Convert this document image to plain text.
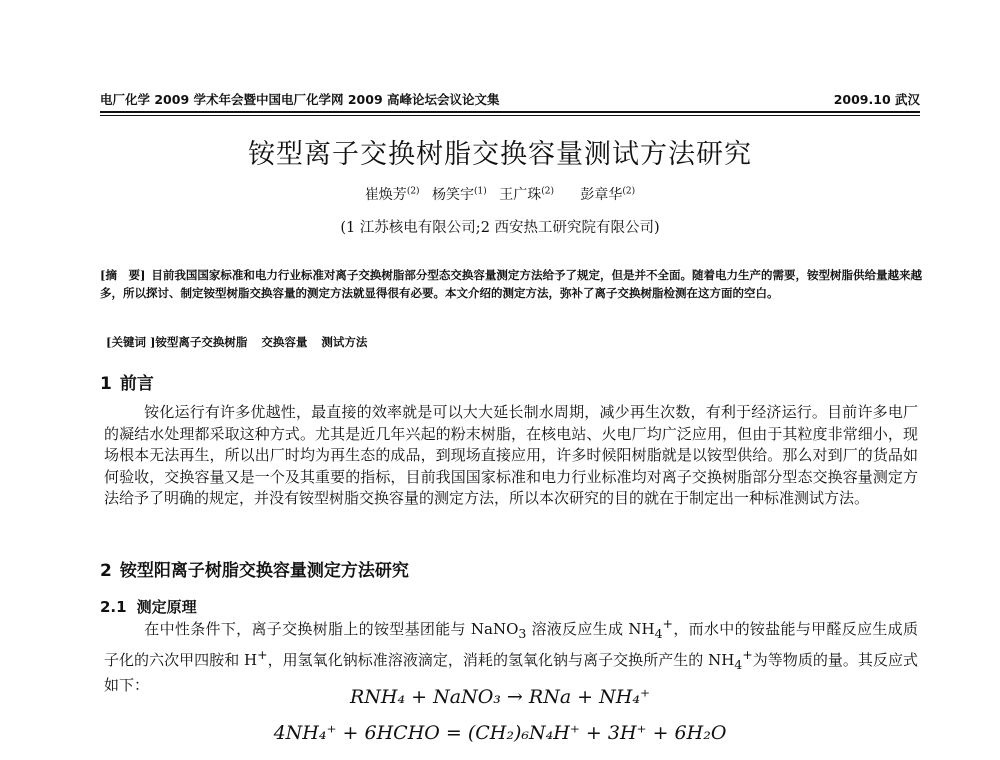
电厂化学 2009 学术年会暨中国电厂化学网 2009 高峰论坛会议论文集	2009.10 武汉
铵型离子交换树脂交换容量测试方法研究
崔焕芳$^{(2)}$ 杨笑宇$^{(1)}$ 王广珠$^{(2)}$ 彭章华$^{(2)}$
(1 江苏核电有限公司;2 西安热工研究院有限公司)
[摘　要] 目前我国国家标准和电力行业标准对离子交换树脂部分型态交换容量测定方法给予了规定，但是并不全面。随着电力生产的需要，铵型树脂供给量越来越多，所以探讨、制定铵型树脂交换容量的测定方法就显得很有必要。本文介绍的测定方法，弥补了离子交换树脂检测在这方面的空白。
[关键词 ]铵型离子交换树脂 交换容量 测试方法
1 前言
铵化运行有许多优越性，最直接的效率就是可以大大延长制水周期，减少再生次数，有利于经济运行。目前许多电厂的凝结水处理都采取这种方式。尤其是近几年兴起的粉末树脂，在核电站、火电厂均广泛应用，但由于其粒度非常细小，现场根本无法再生，所以出厂时均为再生态的成品，到现场直接应用，许多时候阳树脂就是以铵型供给。那么对到厂的货品如何验收，交换容量又是一个及其重要的指标，目前我国国家标准和电力行业标准均对离子交换树脂部分型态交换容量测定方法给予了明确的规定，并没有铵型树脂交换容量的测定方法，所以本次研究的目的就在于制定出一种标准测试方法。
2 铵型阳离子树脂交换容量测定方法研究
2.1 测定原理
在中性条件下，离子交换树脂上的铵型基团能与 NaNO$_3$ 溶液反应生成 $NH_4^+$，而水中的铵盐能与甲醛反应生成质子化的六次甲四胺和 H+，用氢氧化钠标准溶液滴定，消耗的氢氧化钠与离子交换所产生的 $NH_4^+$为等物质的量。其反应式如下：
RNH₄ + NaNO₃ → RNa + NH₄⁺
4NH₄⁺ + 6HCHO = (CH₂)₆N₄H⁺ + 3H⁺ + 6H₂O
